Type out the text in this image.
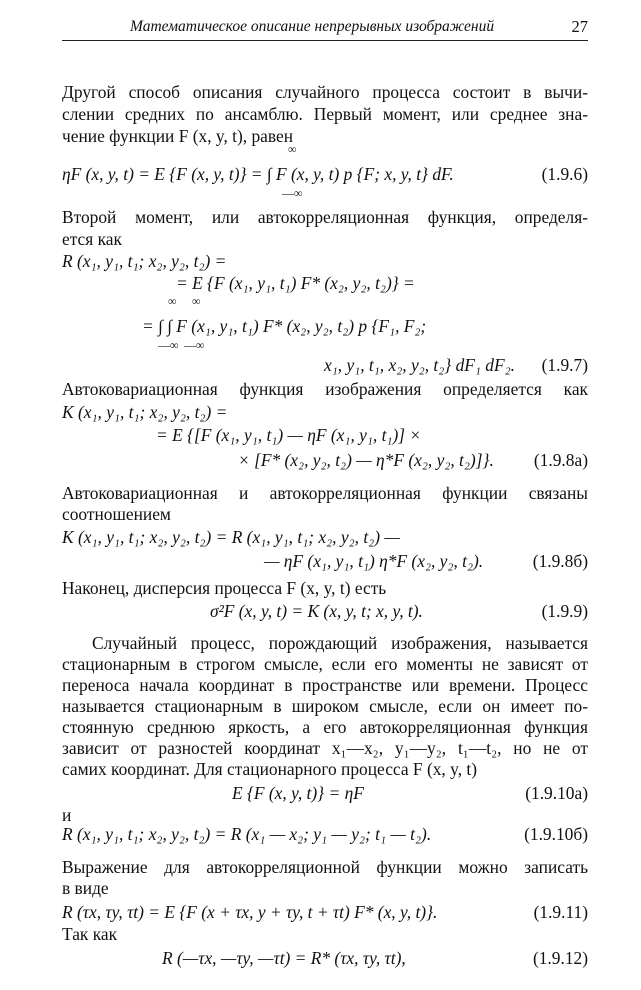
Математическое описание непрерывных изображений	27
Другой способ описания случайного процесса состоит в вычи-
слении средних по ансамблю. Первый момент, или среднее зна-
чение функции F (x, y, t), равен
ηF (x, y, t) = E {F (x, y, t)} = ∫ F (x, y, t) p {F; x, y, t} dF.	(1.9.6)
∞
—∞
Второй момент, или автокорреляционная функция, определя-
ется как
R (x₁, y₁, t₁; x₂, y₂, t₂) =
= E {F (x₁, y₁, t₁) F* (x₂, y₂, t₂)} =
∞ ∞
= ∫ ∫ F (x₁, y₁, t₁) F* (x₂, y₂, t₂) p {F₁, F₂;
—∞ —∞
x₁, y₁, t₁, x₂, y₂, t₂} dF₁ dF₂. (1.9.7)
Автоковариационная функция изображения определяется как
K (x₁, y₁, t₁; x₂, y₂, t₂) =
= E {[F (x₁, y₁, t₁) — ηF (x₁, y₁, t₁)] ×
× [F* (x₂, y₂, t₂) — η*F (x₂, y₂, t₂)]}. (1.9.8а)
Автоковариационная и автокорреляционная функции связаны
соотношением
K (x₁, y₁, t₁; x₂, y₂, t₂) = R (x₁, y₁, t₁; x₂, y₂, t₂) —
— ηF (x₁, y₁, t₁) η*F (x₂, y₂, t₂).	(1.9.8б)
Наконец, дисперсия процесса F (x, y, t) есть
σ²F (x, y, t) = K (x, y, t; x, y, t).	(1.9.9)
Случайный процесс, порождающий изображения, называется
стационарным в строгом смысле, если его моменты не зависят от
переноса начала координат в пространстве или времени. Процесс
называется стационарным в широком смысле, если он имеет по-
стоянную среднюю яркость, а его автокорреляционная функция
зависит от разностей координат x₁—x₂, y₁—y₂, t₁—t₂, но не от
самих координат. Для стационарного процесса F (x, y, t)
E {F (x, y, t)} = ηF	(1.9.10а)
и
R (x₁, y₁, t₁; x₂, y₂, t₂) = R (x₁ — x₂; y₁ — y₂; t₁ — t₂).	(1.9.10б)
Выражение для автокорреляционной функции можно записать
в виде
R (τx, τy, τt) = E {F (x + τx, y + τy, t + τt) F* (x, y, t)}.	(1.9.11)
Так как
R (—τx, —τy, —τt) = R* (τx, τy, τt),	(1.9.12)
